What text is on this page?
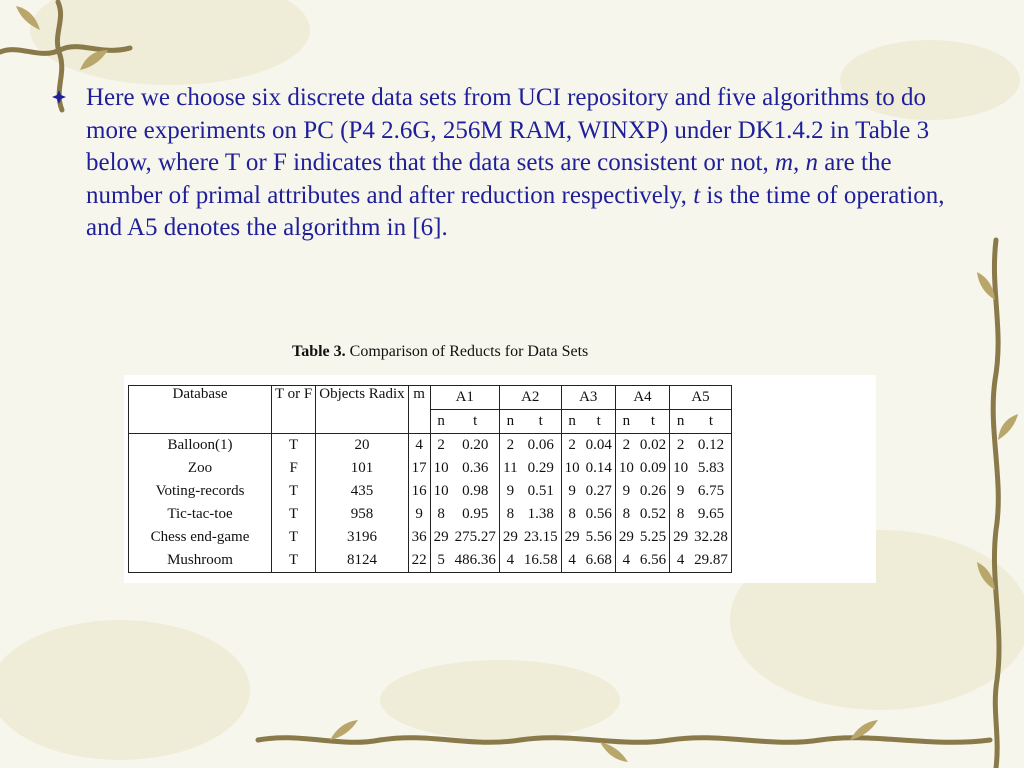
Here we choose six discrete data sets from UCI repository and five algorithms to do more experiments on PC (P4 2.6G, 256M RAM, WINXP) under DK1.4.2 in Table 3 below, where T or F indicates that the data sets are consistent or not, m, n are the number of primal attributes and after reduction respectively, t is the time of operation, and A5 denotes the algorithm in [6].
Table 3. Comparison of Reducts for Data Sets
Database	T or F	Objects Radix	m	A1		A2		A3		A4		A5	
				n	t	n	t	n	t	n	t	n	t
Balloon(1)	T	20	4	2	0.20	2	0.06	2	0.04	2	0.02	2	0.12
Zoo	F	101	17	10	0.36	11	0.29	10	0.14	10	0.09	10	5.83
Voting-records	T	435	16	10	0.98	9	0.51	9	0.27	9	0.26	9	6.75
Tic-tac-toe	T	958	9	8	0.95	8	1.38	8	0.56	8	0.52	8	9.65
Chess end-game	T	3196	36	29	275.27	29	23.15	29	5.56	29	5.25	29	32.28
Mushroom	T	8124	22	5	486.36	4	16.58	4	6.68	4	6.56	4	29.87
